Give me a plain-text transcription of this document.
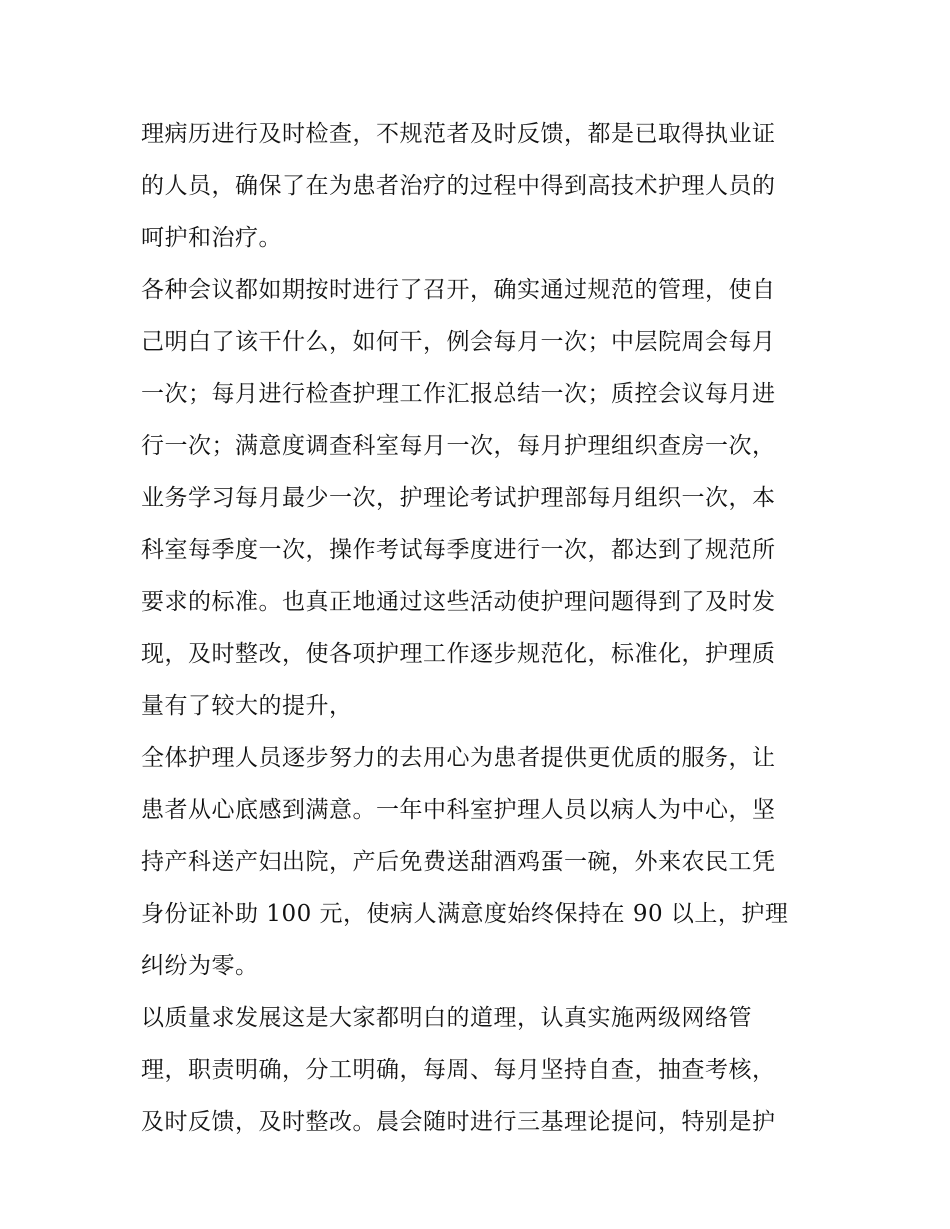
理病历进行及时检查，不规范者及时反馈，都是已取得执业证
的人员，确保了在为患者治疗的过程中得到高技术护理人员的
呵护和治疗。
各种会议都如期按时进行了召开，确实通过规范的管理，使自
己明白了该干什么，如何干，例会每月一次；中层院周会每月
一次；每月进行检查护理工作汇报总结一次；质控会议每月进
行一次；满意度调查科室每月一次，每月护理组织查房一次，
业务学习每月最少一次，护理论考试护理部每月组织一次，本
科室每季度一次，操作考试每季度进行一次，都达到了规范所
要求的标准。也真正地通过这些活动使护理问题得到了及时发
现，及时整改，使各项护理工作逐步规范化，标准化，护理质
量有了较大的提升，
全体护理人员逐步努力的去用心为患者提供更优质的服务，让
患者从心底感到满意。一年中科室护理人员以病人为中心，坚
持产科送产妇出院，产后免费送甜酒鸡蛋一碗，外来农民工凭
身份证补助 100 元，使病人满意度始终保持在 90 以上，护理
纠纷为零。
以质量求发展这是大家都明白的道理，认真实施两级网络管
理，职责明确，分工明确，每周、每月坚持自查，抽查考核，
及时反馈，及时整改。晨会随时进行三基理论提问，特别是护
